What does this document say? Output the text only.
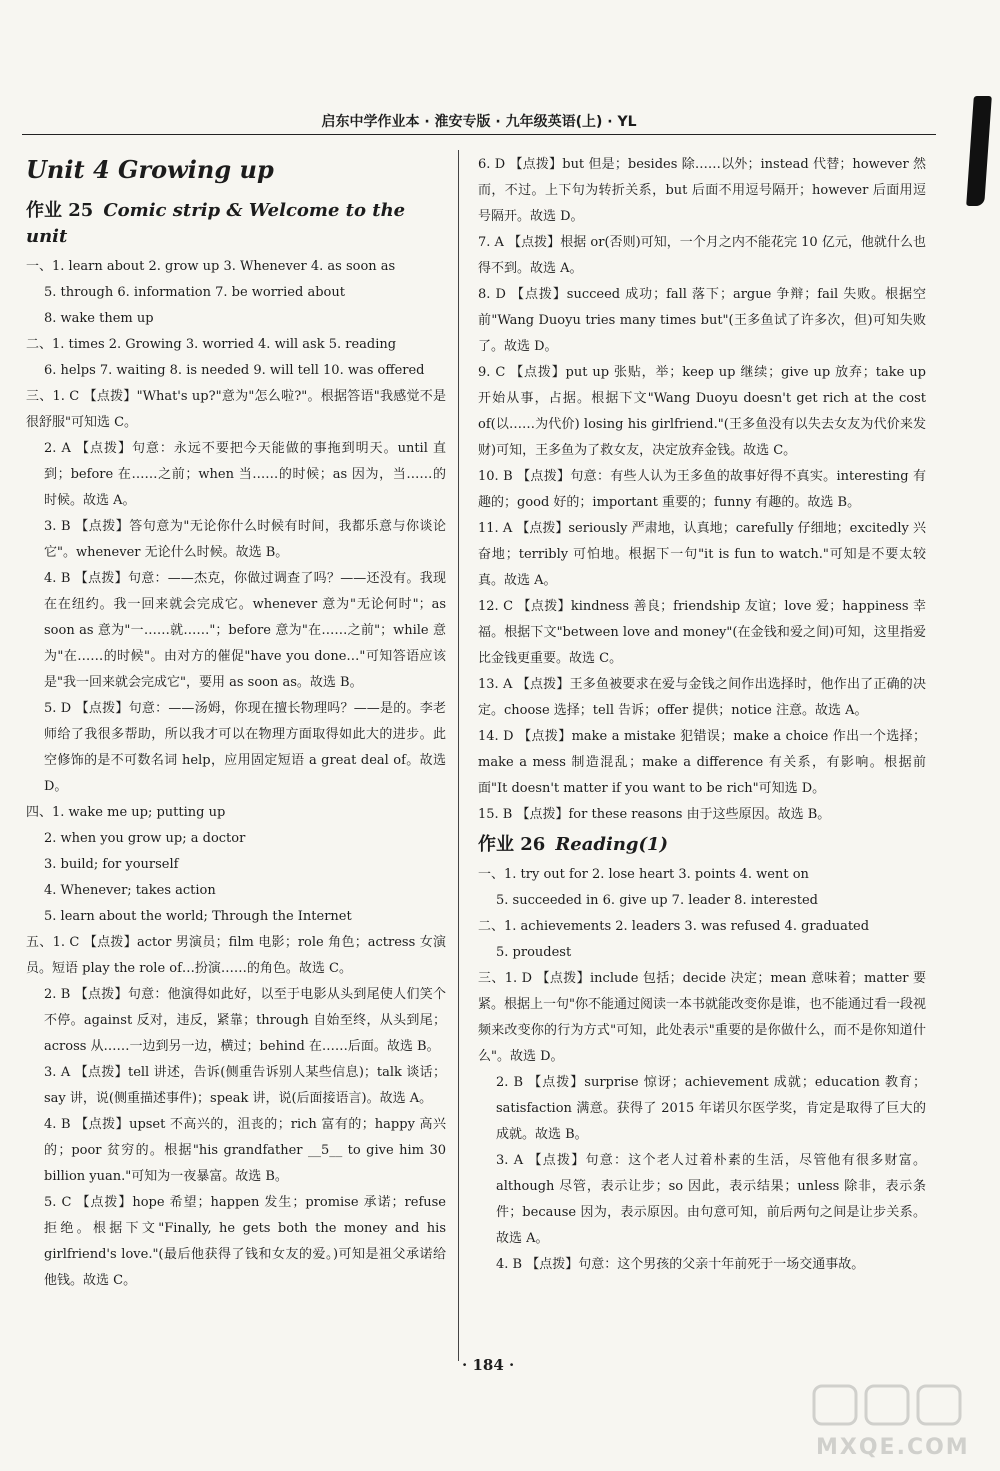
启东中学作业本 · 淮安专版 · 九年级英语(上) · YL
Unit 4 Growing up
作业 25 Comic strip & Welcome to the unit
一、1. learn about 2. grow up 3. Whenever 4. as soon as
5. through 6. information 7. be worried about
8. wake them up
二、1. times 2. Growing 3. worried 4. will ask 5. reading
6. helps 7. waiting 8. is needed 9. will tell 10. was offered
三、1. C 【点拨】"What's up?"意为"怎么啦?"。根据答语"我感觉不是很舒服"可知选 C。
2. A 【点拨】句意：永远不要把今天能做的事拖到明天。until 直到；before 在……之前；when 当……的时候；as 因为，当……的时候。故选 A。
3. B 【点拨】答句意为"无论你什么时候有时间，我都乐意与你谈论它"。whenever 无论什么时候。故选 B。
4. B 【点拨】句意：——杰克，你做过调查了吗？——还没有。我现在在纽约。我一回来就会完成它。whenever 意为"无论何时"；as soon as 意为"一……就……"；before 意为"在……之前"；while 意为"在……的时候"。由对方的催促"have you done…"可知答语应该是"我一回来就会完成它"，要用 as soon as。故选 B。
5. D 【点拨】句意：——汤姆，你现在擅长物理吗？——是的。李老师给了我很多帮助，所以我才可以在物理方面取得如此大的进步。此空修饰的是不可数名词 help，应用固定短语 a great deal of。故选 D。
四、1. wake me up; putting up
2. when you grow up; a doctor
3. build; for yourself
4. Whenever; takes action
5. learn about the world; Through the Internet
五、1. C 【点拨】actor 男演员；film 电影；role 角色；actress 女演员。短语 play the role of…扮演……的角色。故选 C。
2. B 【点拨】句意：他演得如此好，以至于电影从头到尾使人们笑个不停。against 反对，违反，紧靠；through 自始至终，从头到尾；across 从……一边到另一边，横过；behind 在……后面。故选 B。
3. A 【点拨】tell 讲述，告诉(侧重告诉别人某些信息)；talk 谈话；say 讲，说(侧重描述事件)；speak 讲，说(后面接语言)。故选 A。
4. B 【点拨】upset 不高兴的，沮丧的；rich 富有的；happy 高兴的；poor 贫穷的。根据"his grandfather __5__ to give him 30 billion yuan."可知为一夜暴富。故选 B。
5. C 【点拨】hope 希望；happen 发生；promise 承诺；refuse 拒绝。根据下文"Finally, he gets both the money and his girlfriend's love."(最后他获得了钱和女友的爱。)可知是祖父承诺给他钱。故选 C。
6. D 【点拨】but 但是；besides 除……以外；instead 代替；however 然而，不过。上下句为转折关系，but 后面不用逗号隔开；however 后面用逗号隔开。故选 D。
7. A 【点拨】根据 or(否则)可知，一个月之内不能花完 10 亿元，他就什么也得不到。故选 A。
8. D 【点拨】succeed 成功；fall 落下；argue 争辩；fail 失败。根据空前"Wang Duoyu tries many times but"(王多鱼试了许多次，但)可知失败了。故选 D。
9. C 【点拨】put up 张贴，举；keep up 继续；give up 放弃；take up 开始从事，占据。根据下文"Wang Duoyu doesn't get rich at the cost of(以……为代价) losing his girlfriend."(王多鱼没有以失去女友为代价来发财)可知，王多鱼为了救女友，决定放弃金钱。故选 C。
10. B 【点拨】句意：有些人认为王多鱼的故事好得不真实。interesting 有趣的；good 好的；important 重要的；funny 有趣的。故选 B。
11. A 【点拨】seriously 严肃地，认真地；carefully 仔细地；excitedly 兴奋地；terribly 可怕地。根据下一句"it is fun to watch."可知是不要太较真。故选 A。
12. C 【点拨】kindness 善良；friendship 友谊；love 爱；happiness 幸福。根据下文"between love and money"(在金钱和爱之间)可知，这里指爱比金钱更重要。故选 C。
13. A 【点拨】王多鱼被要求在爱与金钱之间作出选择时，他作出了正确的决定。choose 选择；tell 告诉；offer 提供；notice 注意。故选 A。
14. D 【点拨】make a mistake 犯错误；make a choice 作出一个选择；make a mess 制造混乱；make a difference 有关系，有影响。根据前面"It doesn't matter if you want to be rich"可知选 D。
15. B 【点拨】for these reasons 由于这些原因。故选 B。
作业 26 Reading(1)
一、1. try out for 2. lose heart 3. points 4. went on
5. succeeded in 6. give up 7. leader 8. interested
二、1. achievements 2. leaders 3. was refused 4. graduated
5. proudest
三、1. D 【点拨】include 包括；decide 决定；mean 意味着；matter 要紧。根据上一句"你不能通过阅读一本书就能改变你是谁，也不能通过看一段视频来改变你的行为方式"可知，此处表示"重要的是你做什么，而不是你知道什么"。故选 D。
2. B 【点拨】surprise 惊讶；achievement 成就；education 教育；satisfaction 满意。获得了 2015 年诺贝尔医学奖，肯定是取得了巨大的成就。故选 B。
3. A 【点拨】句意：这个老人过着朴素的生活，尽管他有很多财富。although 尽管，表示让步；so 因此，表示结果；unless 除非，表示条件；because 因为，表示原因。由句意可知，前后两句之间是让步关系。故选 A。
4. B 【点拨】句意：这个男孩的父亲十年前死于一场交通事故。
· 184 ·
MXQE.COM
